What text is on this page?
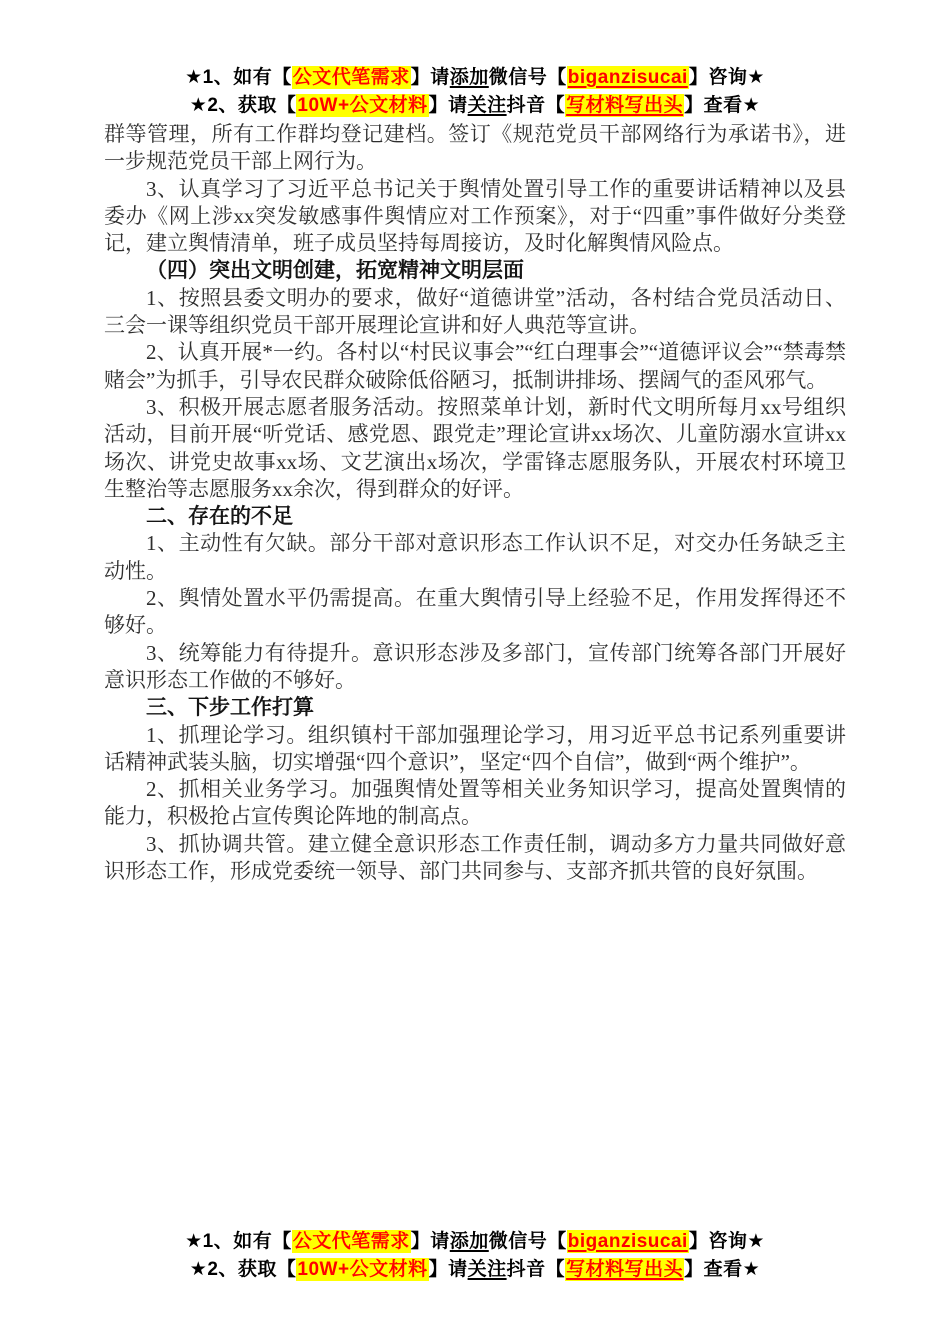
★1、如有【公文代笔需求】请添加微信号【biganzisucai】咨询★
★2、获取【10W+公文材料】请关注抖音【写材料写出头】查看★

群等管理，所有工作群均登记建档。签订《规范党员干部网络行为承诺书》，进一步规范党员干部上网行为。

3、认真学习了习近平总书记关于舆情处置引导工作的重要讲话精神以及县委办《网上涉xx突发敏感事件舆情应对工作预案》，对于“四重”事件做好分类登记，建立舆情清单，班子成员坚持每周接访，及时化解舆情风险点。

（四）突出文明创建，拓宽精神文明层面

1、按照县委文明办的要求，做好“道德讲堂”活动，各村结合党员活动日、三会一课等组织党员干部开展理论宣讲和好人典范等宣讲。

2、认真开展*一约。各村以“村民议事会”“红白理事会”“道德评议会”“禁毒禁赌会”为抓手，引导农民群众破除低俗陋习，抵制讲排场、摆阔气的歪风邪气。

3、积极开展志愿者服务活动。按照菜单计划，新时代文明所每月xx号组织活动，目前开展“听党话、感党恩、跟党走”理论宣讲xx场次、儿童防溺水宣讲xx场次、讲党史故事xx场、文艺演出x场次，学雷锋志愿服务队，开展农村环境卫生整治等志愿服务xx余次，得到群众的好评。

二、存在的不足

1、主动性有欠缺。部分干部对意识形态工作认识不足，对交办任务缺乏主动性。

2、舆情处置水平仍需提高。在重大舆情引导上经验不足，作用发挥得还不够好。

3、统筹能力有待提升。意识形态涉及多部门，宣传部门统筹各部门开展好意识形态工作做的不够好。

三、下步工作打算

1、抓理论学习。组织镇村干部加强理论学习，用习近平总书记系列重要讲话精神武装头脑，切实增强“四个意识”，坚定“四个自信”，做到“两个维护”。

2、抓相关业务学习。加强舆情处置等相关业务知识学习，提高处置舆情的能力，积极抢占宣传舆论阵地的制高点。

3、抓协调共管。建立健全意识形态工作责任制，调动多方力量共同做好意识形态工作，形成党委统一领导、部门共同参与、支部齐抓共管的良好氛围。

★1、如有【公文代笔需求】请添加微信号【biganzisucai】咨询★
★2、获取【10W+公文材料】请关注抖音【写材料写出头】查看★
